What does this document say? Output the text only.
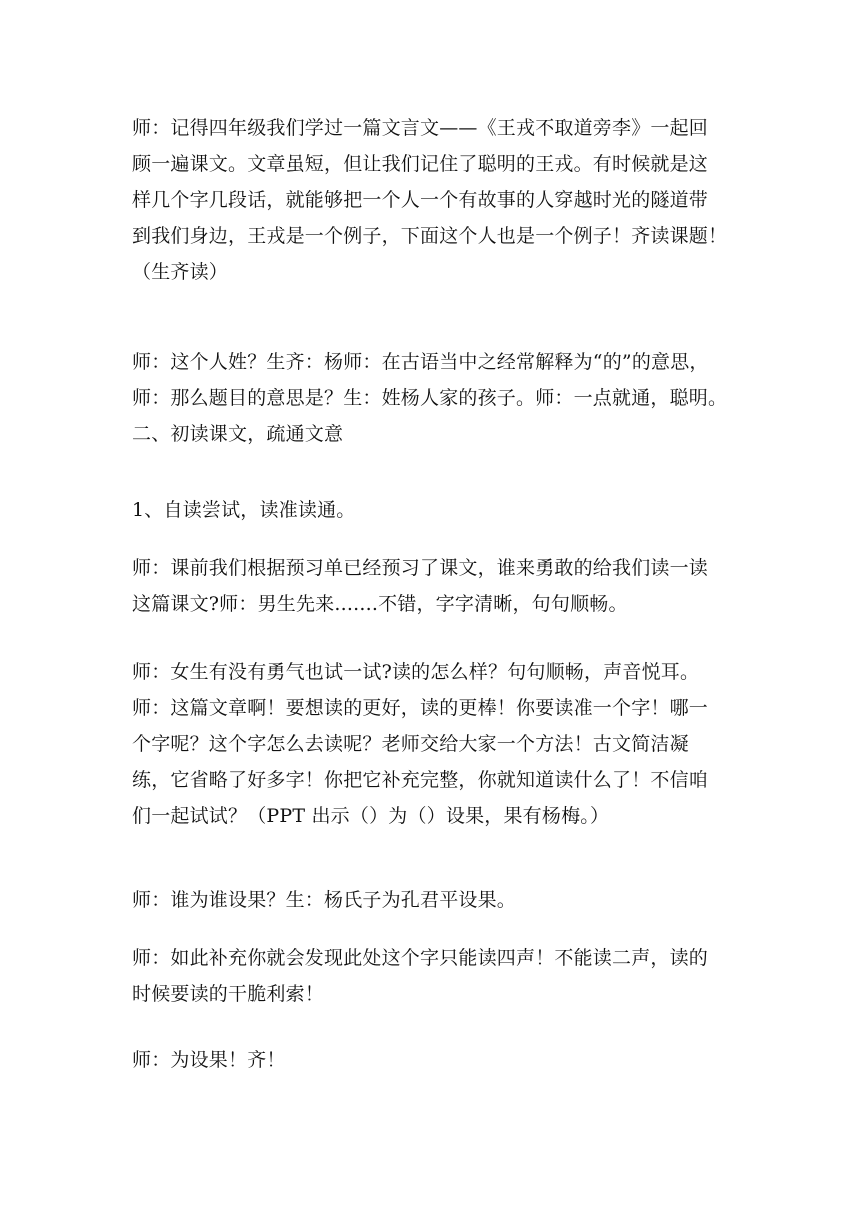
师：记得四年级我们学过一篇文言文——《王戎不取道旁李》一起回
顾一遍课文。文章虽短，但让我们记住了聪明的王戎。有时候就是这
样几个字几段话，就能够把一个人一个有故事的人穿越时光的隧道带
到我们身边，王戎是一个例子，下面这个人也是一个例子！齐读课题！
（生齐读）

师：这个人姓？生齐：杨师：在古语当中之经常解释为“的”的意思，
师：那么题目的意思是？生：姓杨人家的孩子。师：一点就通，聪明。
二、初读课文，疏通文意

1、自读尝试，读准读通。

师：课前我们根据预习单已经预习了课文，谁来勇敢的给我们读一读
这篇课文?师：男生先来.......不错，字字清晰，句句顺畅。

师：女生有没有勇气也试一试?读的怎么样？句句顺畅，声音悦耳。
师：这篇文章啊！要想读的更好，读的更棒！你要读准一个字！哪一
个字呢？这个字怎么去读呢？老师交给大家一个方法！古文简洁凝
练，它省略了好多字！你把它补充完整，你就知道读什么了！不信咱
们一起试试？（PPT 出示（）为（）设果，果有杨梅。）

师：谁为谁设果？生：杨氏子为孔君平设果。

师：如此补充你就会发现此处这个字只能读四声！不能读二声，读的
时候要读的干脆利索！

师：为设果！齐！
